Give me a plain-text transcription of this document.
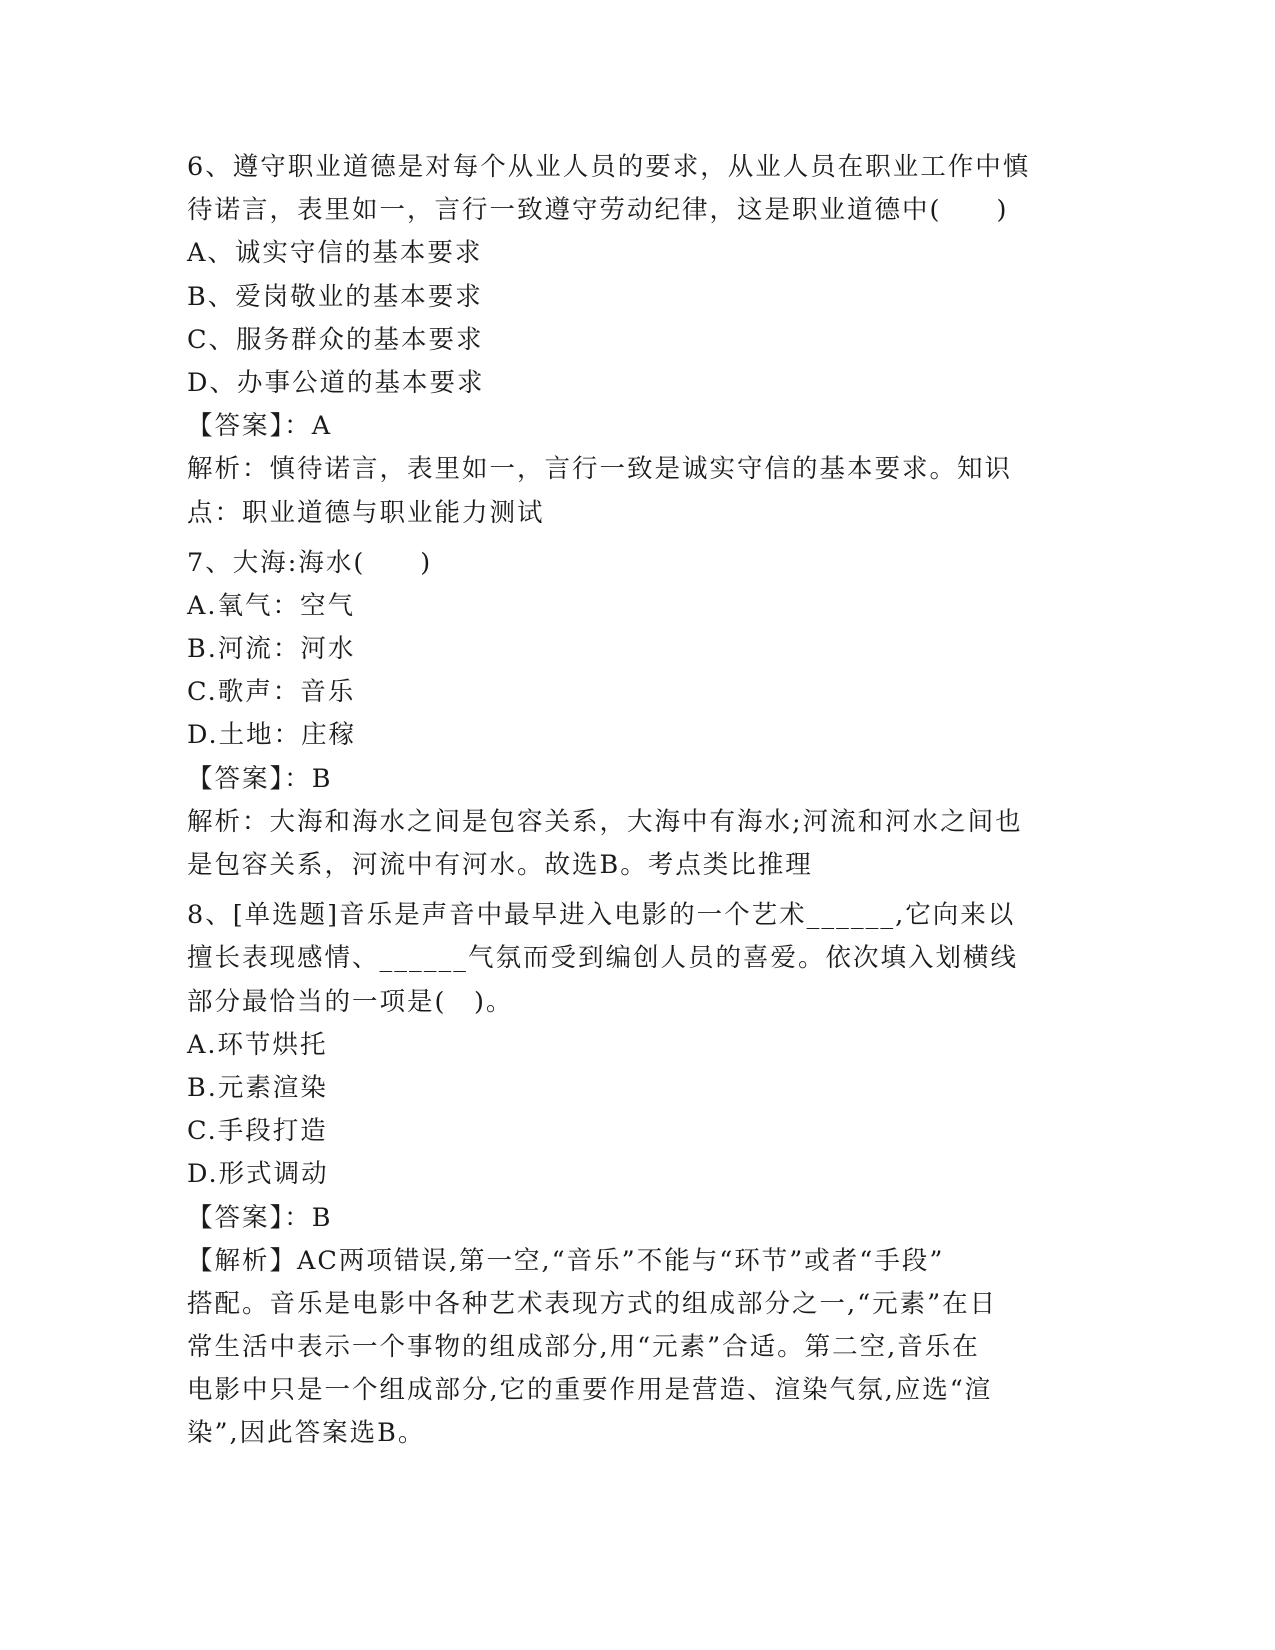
6、遵守职业道德是对每个从业人员的要求，从业人员在职业工作中慎
待诺言，表里如一，言行一致遵守劳动纪律，这是职业道德中(　　)
A、诚实守信的基本要求
B、爱岗敬业的基本要求
C、服务群众的基本要求
D、办事公道的基本要求
【答案】：A
解析：慎待诺言，表里如一，言行一致是诚实守信的基本要求。知识
点：职业道德与职业能力测试
7、大海:海水(　　)
A.氧气：空气
B.河流：河水
C.歌声：音乐
D.土地：庄稼
【答案】：B
解析：大海和海水之间是包容关系，大海中有海水;河流和河水之间也
是包容关系，河流中有河水。故选B。考点类比推理
8、[单选题]音乐是声音中最早进入电影的一个艺术______,它向来以
擅长表现感情、______气氛而受到编创人员的喜爱。依次填入划横线
部分最恰当的一项是(　)。
A.环节烘托
B.元素渲染
C.手段打造
D.形式调动
【答案】：B
【解析】AC两项错误,第一空,“音乐”不能与“环节”或者“手段”
搭配。音乐是电影中各种艺术表现方式的组成部分之一,“元素”在日
常生活中表示一个事物的组成部分,用“元素”合适。第二空,音乐在
电影中只是一个组成部分,它的重要作用是营造、渲染气氛,应选“渲
染”,因此答案选B。
